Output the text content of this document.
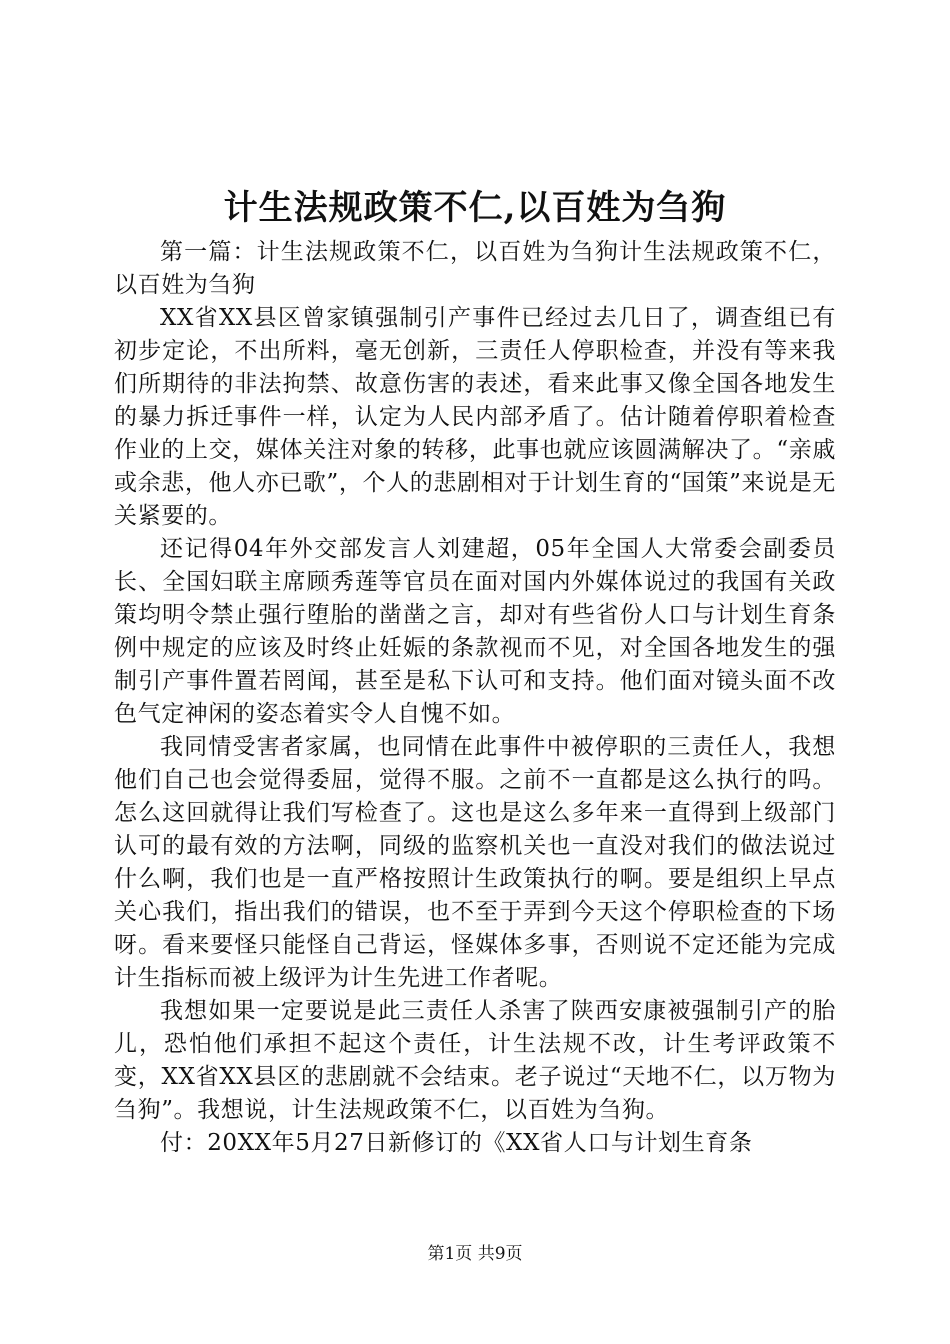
计生法规政策不仁,以百姓为刍狗

第一篇：计生法规政策不仁，以百姓为刍狗计生法规政策不仁，以百姓为刍狗

XX省XX县区曾家镇强制引产事件已经过去几日了，调查组已有初步定论，不出所料，毫无创新，三责任人停职检查，并没有等来我们所期待的非法拘禁、故意伤害的表述，看来此事又像全国各地发生的暴力拆迁事件一样，认定为人民内部矛盾了。估计随着停职着检查作业的上交，媒体关注对象的转移，此事也就应该圆满解决了。“亲戚或余悲，他人亦已歌”，个人的悲剧相对于计划生育的“国策”来说是无关紧要的。

还记得04年外交部发言人刘建超，05年全国人大常委会副委员长、全国妇联主席顾秀莲等官员在面对国内外媒体说过的我国有关政策均明令禁止强行堕胎的凿凿之言，却对有些省份人口与计划生育条例中规定的应该及时终止妊娠的条款视而不见，对全国各地发生的强制引产事件置若罔闻，甚至是私下认可和支持。他们面对镜头面不改色气定神闲的姿态着实令人自愧不如。

我同情受害者家属，也同情在此事件中被停职的三责任人，我想他们自己也会觉得委屈，觉得不服。之前不一直都是这么执行的吗。怎么这回就得让我们写检查了。这也是这么多年来一直得到上级部门认可的最有效的方法啊，同级的监察机关也一直没对我们的做法说过什么啊，我们也是一直严格按照计生政策执行的啊。要是组织上早点关心我们，指出我们的错误，也不至于弄到今天这个停职检查的下场呀。看来要怪只能怪自己背运，怪媒体多事，否则说不定还能为完成计生指标而被上级评为计生先进工作者呢。

我想如果一定要说是此三责任人杀害了陕西安康被强制引产的胎儿，恐怕他们承担不起这个责任，计生法规不改，计生考评政策不变，XX省XX县区的悲剧就不会结束。老子说过“天地不仁，以万物为刍狗”。我想说，计生法规政策不仁，以百姓为刍狗。

付：20XX年5月27日新修订的《XX省人口与计划生育条

第1页 共9页
